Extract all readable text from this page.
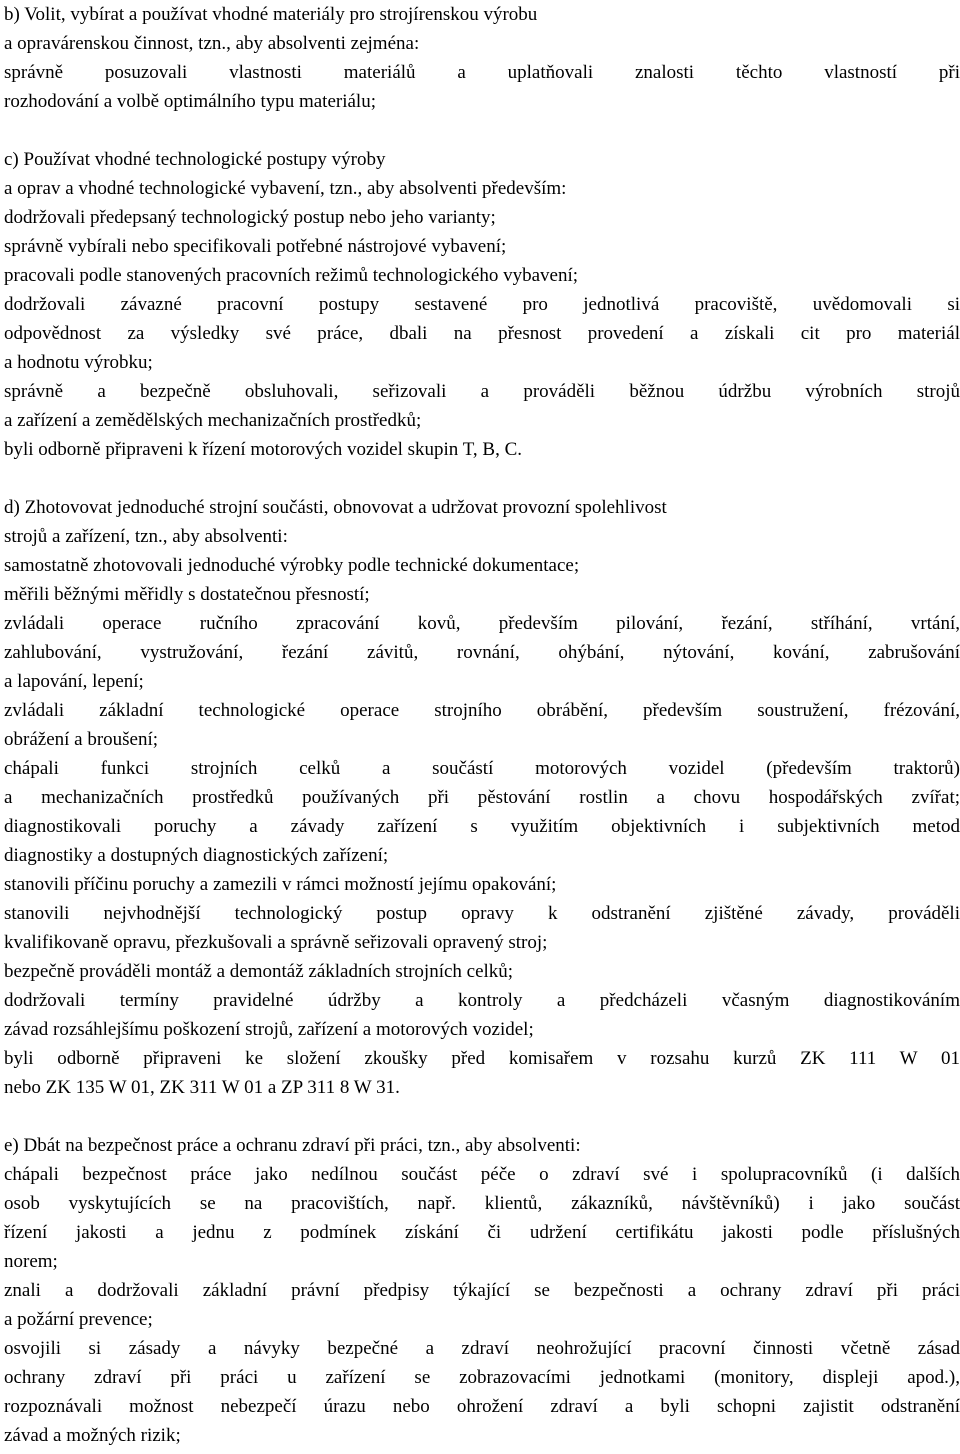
b) Volit, vybírat a používat vhodné materiály pro strojírenskou výrobu
a opravárenskou činnost, tzn., aby absolventi zejména:
správně posuzovali vlastnosti materiálů a uplatňovali znalosti těchto vlastností při
rozhodování a volbě optimálního typu materiálu;
c) Používat vhodné technologické postupy výroby
a oprav a vhodné technologické vybavení, tzn., aby absolventi především:
dodržovali předepsaný technologický postup nebo jeho varianty;
správně vybírali nebo specifikovali potřebné nástrojové vybavení;
pracovali podle stanovených pracovních režimů technologického vybavení;
dodržovali závazné pracovní postupy sestavené pro jednotlivá pracoviště, uvědomovali si
odpovědnost za výsledky své práce, dbali na přesnost provedení a získali cit pro materiál
a hodnotu výrobku;
správně a bezpečně obsluhovali, seřizovali a prováděli běžnou údržbu výrobních strojů
a zařízení a zemědělských mechanizačních prostředků;
byli odborně připraveni k řízení motorových vozidel skupin T, B, C.
d) Zhotovovat jednoduché strojní součásti, obnovovat a udržovat provozní spolehlivost
strojů a zařízení, tzn., aby absolventi:
samostatně zhotovovali jednoduché výrobky podle technické dokumentace;
měřili běžnými měřidly s dostatečnou přesností;
zvládali operace ručního zpracování kovů, především pilování, řezání, stříhání, vrtání,
zahlubování, vystružování, řezání závitů, rovnání, ohýbání, nýtování, kování, zabrušování
a lapování, lepení;
zvládali základní technologické operace strojního obrábění, především soustružení, frézování,
obrážení a broušení;
chápali funkci strojních celků a součástí motorových vozidel (především traktorů)
a mechanizačních prostředků používaných při pěstování rostlin a chovu hospodářských zvířat;
diagnostikovali poruchy a závady zařízení s využitím objektivních i subjektivních metod
diagnostiky a dostupných diagnostických zařízení;
stanovili příčinu poruchy a zamezili v rámci možností jejímu opakování;
stanovili nejvhodnější technologický postup opravy k odstranění zjištěné závady, prováděli
kvalifikovaně opravu, přezkušovali a správně seřizovali opravený stroj;
bezpečně prováděli montáž a demontáž základních strojních celků;
dodržovali termíny pravidelné údržby a kontroly a předcházeli včasným diagnostikováním
závad rozsáhlejšímu poškození strojů, zařízení a motorových vozidel;
byli odborně připraveni ke složení zkoušky před komisařem v rozsahu kurzů ZK 111 W 01
nebo ZK 135 W 01, ZK 311 W 01 a ZP 311 8 W 31.
e) Dbát na bezpečnost práce a ochranu zdraví při práci, tzn., aby absolventi:
chápali bezpečnost práce jako nedílnou součást péče o zdraví své i spolupracovníků (i dalších
osob vyskytujících se na pracovištích, např. klientů, zákazníků, návštěvníků) i jako součást
řízení jakosti a jednu z podmínek získání či udržení certifikátu jakosti podle příslušných
norem;
znali a dodržovali základní právní předpisy týkající se bezpečnosti a ochrany zdraví při práci
a požární prevence;
osvojili si zásady a návyky bezpečné a zdraví neohrožující pracovní činnosti včetně zásad
ochrany zdraví při práci u zařízení se zobrazovacími jednotkami (monitory, displeji apod.),
rozpoznávali možnost nebezpečí úrazu nebo ohrožení zdraví a byli schopni zajistit odstranění
závad a možných rizik;
